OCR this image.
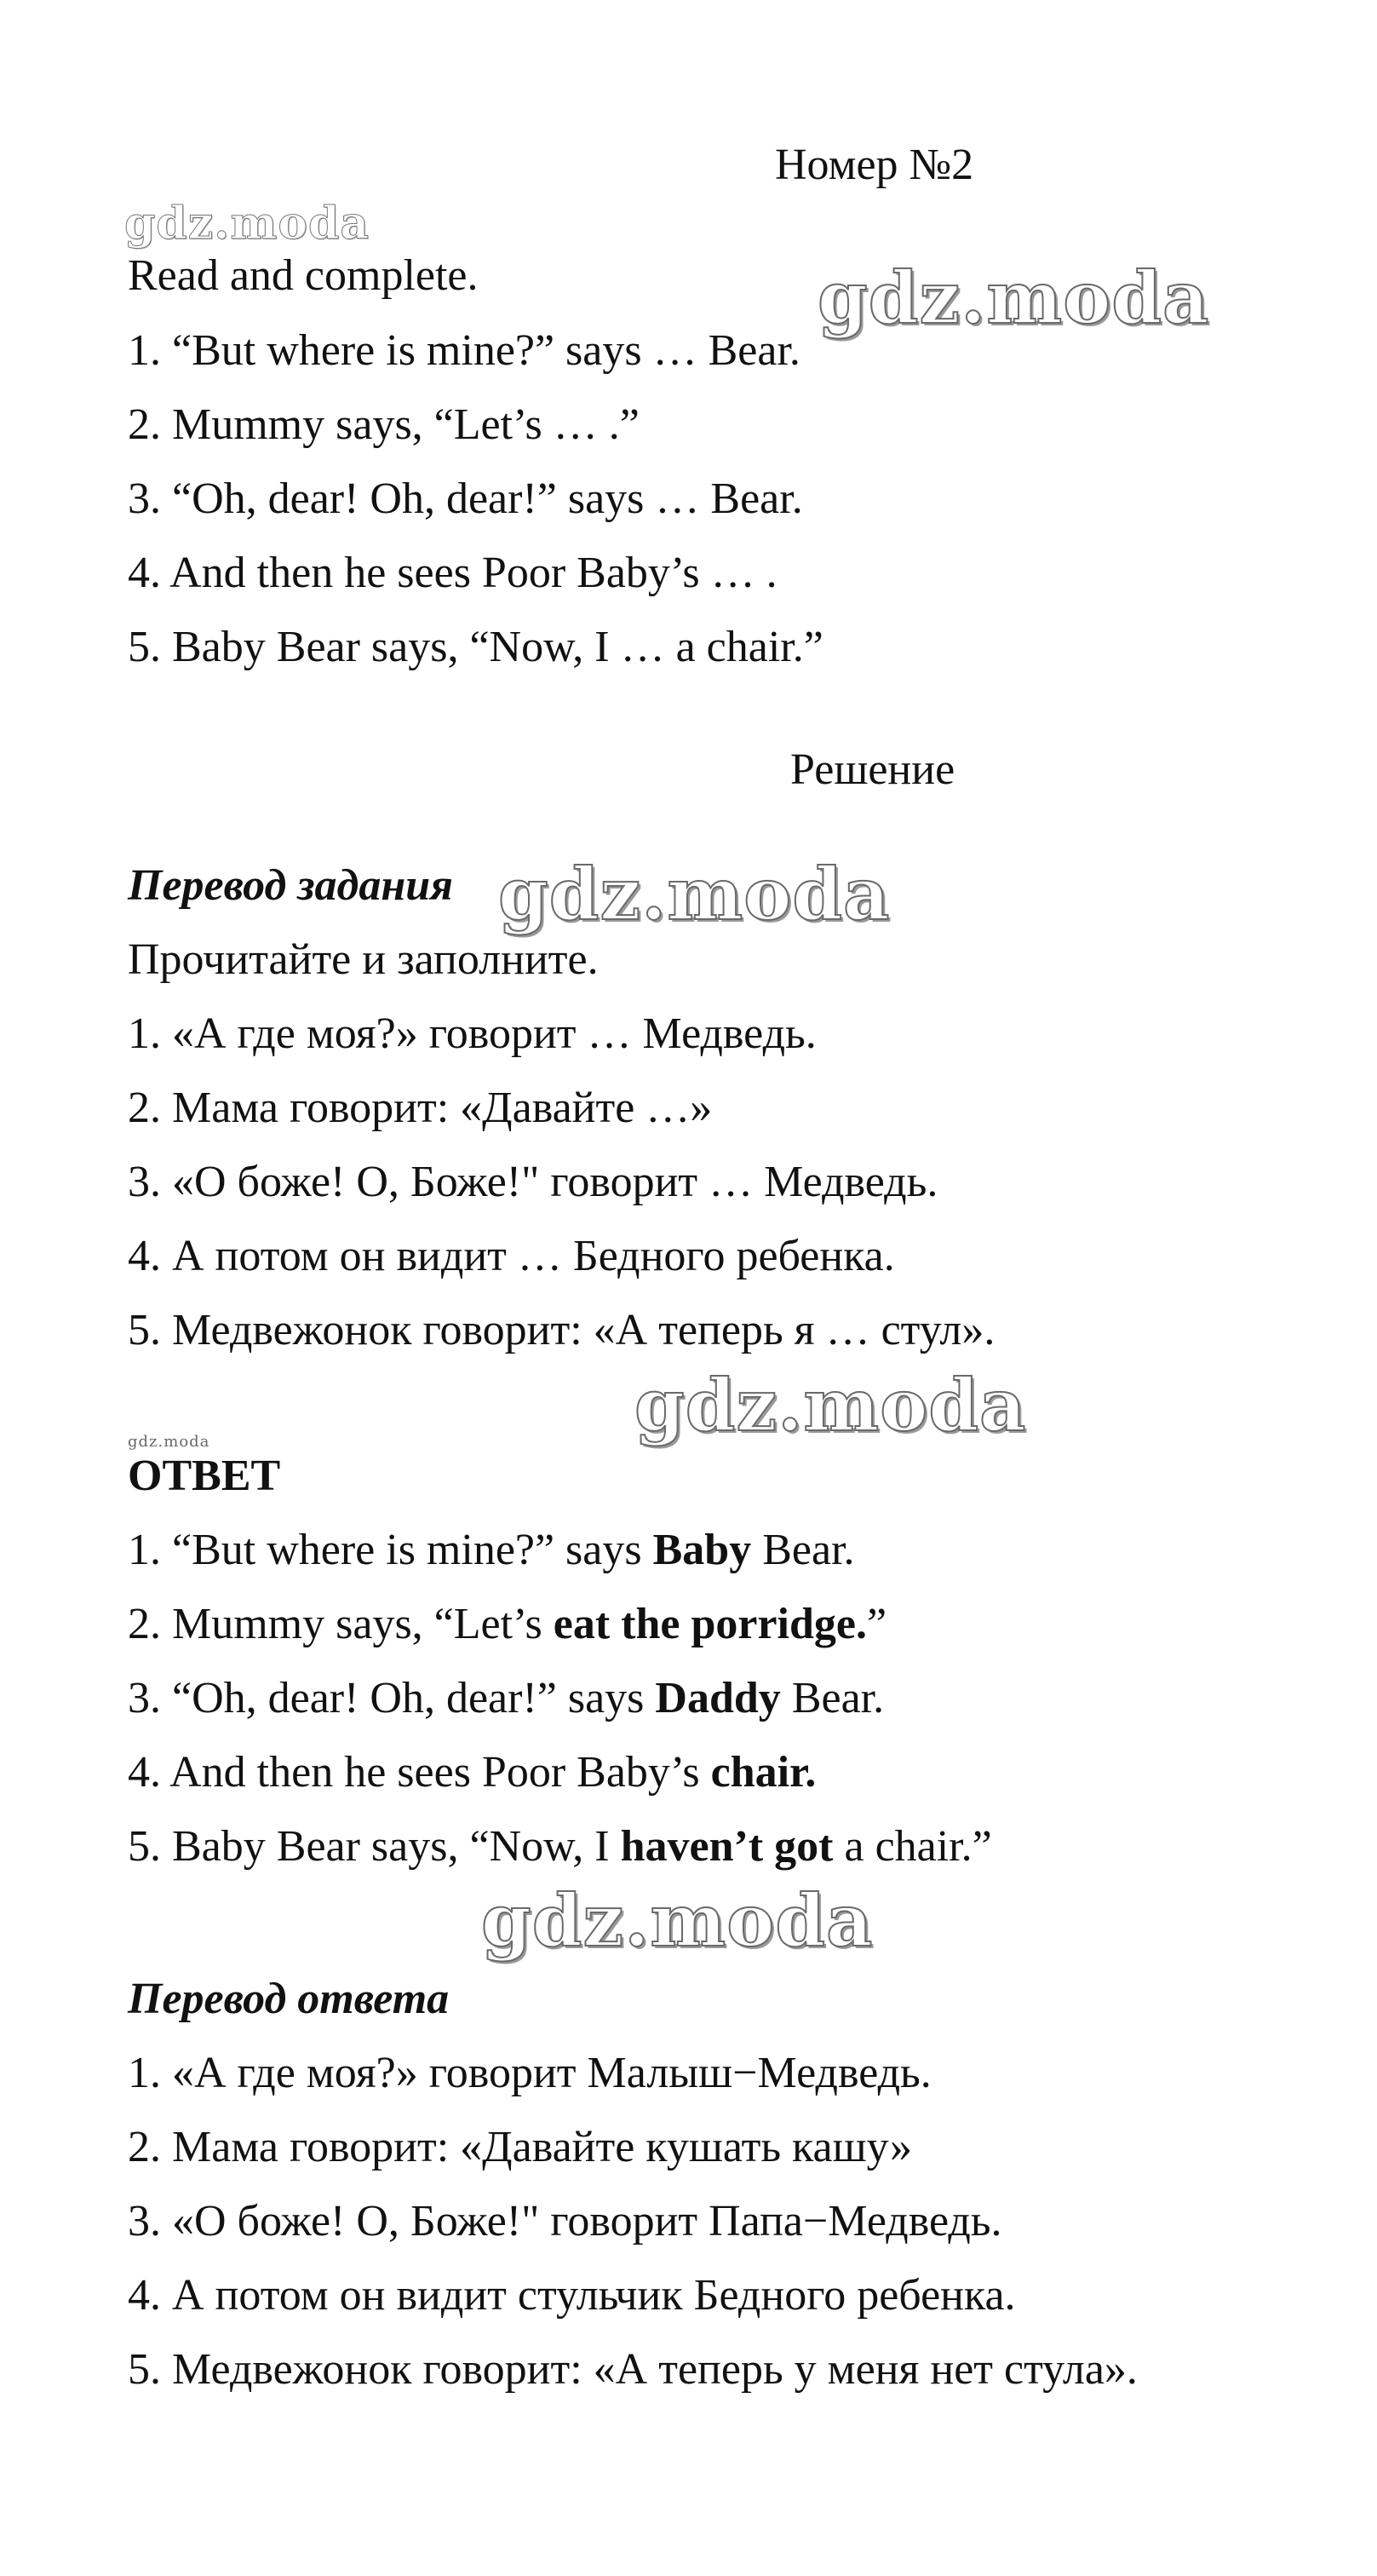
Номер №2
gdz.moda
gdz.moda
gdz.moda
gdz.moda
gdz.moda
gdz.moda
Read and complete.
1. “But where is mine?” says … Bear.
2. Mummy says, “Let’s … .”
3. “Oh, dear! Oh, dear!” says … Bear.
4. And then he sees Poor Baby’s … .
5. Baby Bear says, “Now, I … a chair.”
Решение
Перевод задания
Прочитайте и заполните.
1. «А где моя?» говорит … Медведь.
2. Мама говорит: «Давайте …»
3. «О боже! О, Боже!" говорит … Медведь.
4. А потом он видит … Бедного ребенка.
5. Медвежонок говорит: «А теперь я … стул».
ОТВЕТ
1. “But where is mine?” says Baby Bear.
2. Mummy says, “Let’s eat the porridge.”
3. “Oh, dear! Oh, dear!” says Daddy Bear.
4. And then he sees Poor Baby’s chair.
5. Baby Bear says, “Now, I haven’t got a chair.”
Перевод ответа
1. «А где моя?» говорит Малыш−Медведь.
2. Мама говорит: «Давайте кушать кашу»
3. «О боже! О, Боже!" говорит Папа−Медведь.
4. А потом он видит стульчик Бедного ребенка.
5. Медвежонок говорит: «А теперь у меня нет стула».
